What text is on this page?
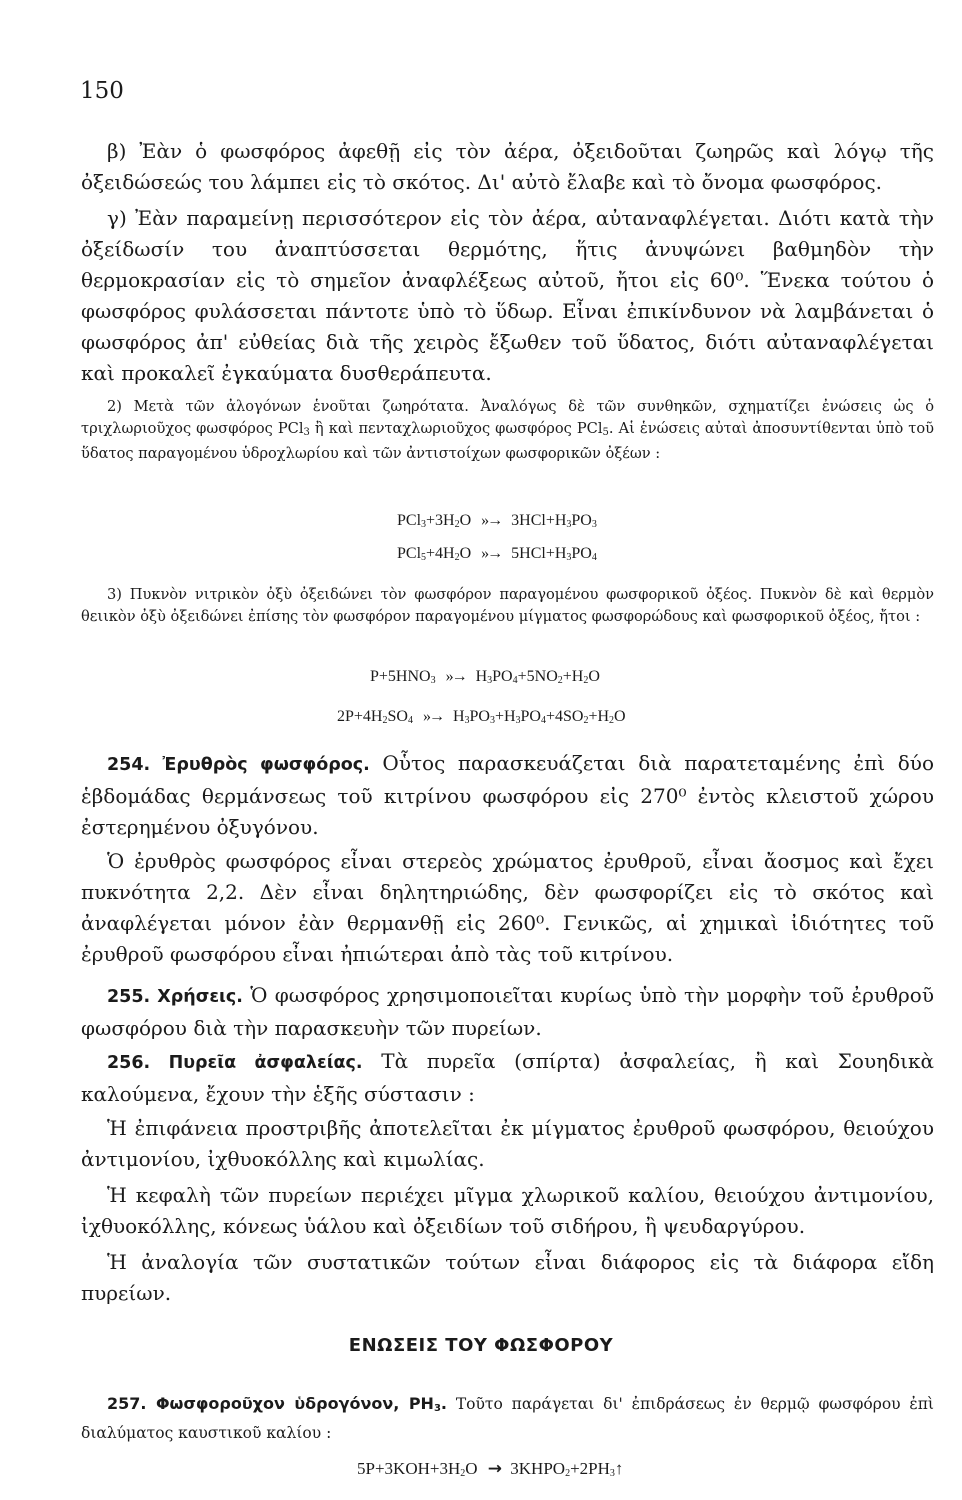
150
β) Ἐὰν ὁ φωσφόρος ἀφεθῇ εἰς τὸν ἀέρα, ὀξειδοῦται ζωηρῶς καὶ λόγῳ τῆς ὀξειδώσεώς του λάμπει εἰς τὸ σκότος. Δι' αὐτὸ ἔλαβε καὶ τὸ ὄνομα φωσφόρος.
γ) Ἐὰν παραμείνῃ περισσότερον εἰς τὸν ἀέρα, αὐταναφλέγεται. Διότι κατὰ τὴν ὀξείδωσίν του ἀναπτύσσεται θερμότης, ἥτις ἀνυψώνει βαθμηδὸν τὴν θερμοκρασίαν εἰς τὸ σημεῖον ἀναφλέξεως αὐτοῦ, ἤτοι εἰς 60⁰. Ἕνεκα τούτου ὁ φωσφόρος φυλάσσεται πάντοτε ὑπὸ τὸ ὕδωρ. Εἶναι ἐπικίνδυνον νὰ λαμβάνεται ὁ φωσφόρος ἀπ' εὐθείας διὰ τῆς χειρὸς ἔξωθεν τοῦ ὕδατος, διότι αὐταναφλέγεται καὶ προκαλεῖ ἐγκαύματα δυσθεράπευτα.
2) Μετὰ τῶν ἀλογόνων ἑνοῦται ζωηρότατα. Ἀναλόγως δὲ τῶν συνθηκῶν, σχηματίζει ἐνώσεις ὡς ὁ τριχλωριοῦχος φωσφόρος PCl$_3$ ἢ καὶ πενταχλωριοῦχος φωσφόρος PCl$_5$. Αἱ ἑνώσεις αὐταὶ ἀποσυντίθενται ὑπὸ τοῦ ὕδατος παραγομένου ὑδροχλωρίου καὶ τῶν ἀντιστοίχων φωσφορικῶν ὀξέων :
$PCl_3+3H_2O$ »→ $3HCl+H_3PO_3$
$PCl_5+4H_2O$ »→ $5HCl+H_3PO_4$
3) Πυκνὸν νιτρικὸν ὀξὺ ὀξειδώνει τὸν φωσφόρον παραγομένου φωσφορικοῦ ὀξέος. Πυκνὸν δὲ καὶ θερμὸν θειικὸν ὀξὺ ὀξειδώνει ἐπίσης τὸν φωσφόρον παραγομένου μίγματος φωσφορώδους καὶ φωσφορικοῦ ὀξέος, ἤτοι :
$P+5HNO_3$ »→ $H_3PO_4+5NO_2+H_2O$
$2P+4H_2SO_4$ »→ $H_3PO_3+H_3PO_4+4SO_2+H_2O$
254. Ἐρυθρὸς φωσφόρος. Οὗτος παρασκευάζεται διὰ παρατεταμένης ἐπὶ δύο ἑβδομάδας θερμάνσεως τοῦ κιτρίνου φωσφόρου εἰς 270⁰ ἐντὸς κλειστοῦ χώρου ἐστερημένου ὀξυγόνου.
Ὁ ἐρυθρὸς φωσφόρος εἶναι στερεὸς χρώματος ἐρυθροῦ, εἶναι ἄοσμος καὶ ἔχει πυκνότητα 2,2. Δὲν εἶναι δηλητηριώδης, δὲν φωσφορίζει εἰς τὸ σκότος καὶ ἀναφλέγεται μόνον ἐὰν θερμανθῇ εἰς 260⁰. Γενικῶς, αἱ χημικαὶ ἰδιότητες τοῦ ἐρυθροῦ φωσφόρου εἶναι ἠπιώτεραι ἀπὸ τὰς τοῦ κιτρίνου.
255. Χρήσεις. Ὁ φωσφόρος χρησιμοποιεῖται κυρίως ὑπὸ τὴν μορφὴν τοῦ ἐρυθροῦ φωσφόρου διὰ τὴν παρασκευὴν τῶν πυρείων.
256. Πυρεῖα ἀσφαλείας. Τὰ πυρεῖα (σπίρτα) ἀσφαλείας, ἢ καὶ Σουηδικὰ καλούμενα, ἔχουν τὴν ἑξῆς σύστασιν :
Ἡ ἐπιφάνεια προστριβῆς ἀποτελεῖται ἐκ μίγματος ἐρυθροῦ φωσφόρου, θειούχου ἀντιμονίου, ἰχθυοκόλλης καὶ κιμωλίας.
Ἡ κεφαλὴ τῶν πυρείων περιέχει μῖγμα χλωρικοῦ καλίου, θειούχου ἀντιμονίου, ἰχθυοκόλλης, κόνεως ὑάλου καὶ ὀξειδίων τοῦ σιδήρου, ἢ ψευδαργύρου.
Ἡ ἀναλογία τῶν συστατικῶν τούτων εἶναι διάφορος εἰς τὰ διάφορα εἴδη πυρείων.
ΕΝΩΣΕΙΣ ΤΟΥ ΦΩΣΦΟΡΟΥ
257. Φωσφοροῦχον ὑδρογόνον, $PH_3$. Τοῦτο παράγεται δι' ἐπιδράσεως ἐν θερμῷ φωσφόρου ἐπὶ διαλύματος καυστικοῦ καλίου :
$5P+3KOH+3H_2O$ → $3KHPO_2+2PH_3↑$
